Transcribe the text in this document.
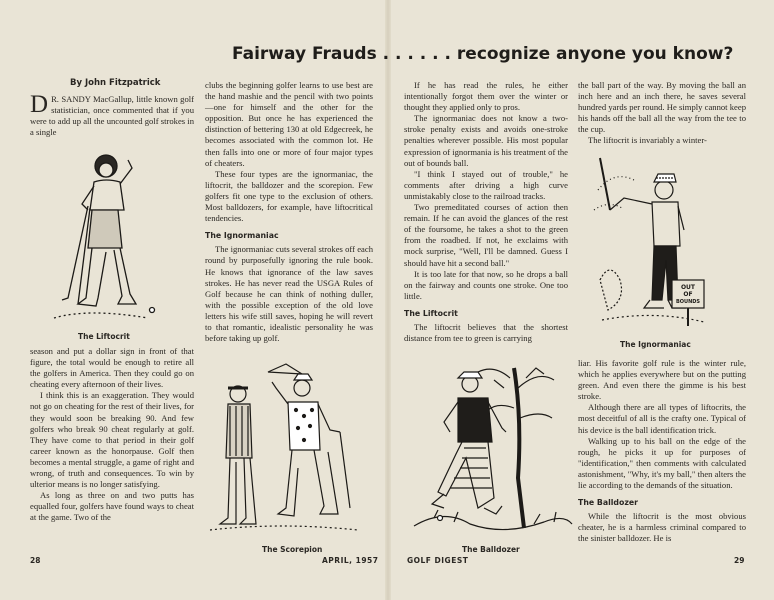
Fairway Frauds . . . . . . recognize anyone you know?
By John Fitzpatrick

D R. SANDY MacGallup, little known golf statistician, once commented that if you were to add up all the uncounted golf strokes in a single

The Liftocrit

season and put a dollar sign in front of that figure, the total would be enough to retire all the golfers in America. Then they could go on cheating every afternoon of their lives.

I think this is an exaggeration. They would not go on cheating for the rest of their lives, for they would soon be breaking 90. And few golfers who break 90 cheat regularly at golf. They have come to that period in their golf career known as the honorpause. Golf then becomes a mental struggle, a game of right and wrong, of truth and consequences. To win by ulterior means is no longer satisfying.

As long as three on and two putts has equalled four, golfers have found ways to cheat at the game. Two of the

clubs the beginning golfer learns to use best are the hand mashie and the pencil with two points—one for himself and the other for the opposition. But once he has experienced the distinction of bettering 130 at old Edgecreek, he becomes associated with the common lot. He then falls into one or more of four major types of cheaters.

These four types are the ignormaniac, the liftocrit, the balldozer and the scorepion. Few golfers fit one type to the exclusion of others. Most balldozers, for example, have liftocritical tendencies.

The Ignormaniac

The ignormaniac cuts several strokes off each round by purposefully ignoring the rule book. He knows that ignorance of the law saves strokes. He has never read the USGA Rules of Golf because he can think of nothing duller, with the possible exception of the old love letters his wife still saves, hoping he will revert to that romantic, idealistic personality he was before taking up golf.

The Scorepion
28	APRIL, 1957

If he has read the rules, he either intentionally forgot them over the winter or thought they applied only to pros.

The ignormaniac does not know a two-stroke penalty exists and avoids one-stroke penalties wherever possible. His most popular expression of ignormania is his treatment of the out of bounds ball.

"I think I stayed out of trouble," he comments after driving a high curve unmistakably close to the railroad tracks.

Two premeditated courses of action then remain. If he can avoid the glances of the rest of the foursome, he takes a shot to the green from the roadbed. If not, he exclaims with mock surprise, "Well, I'll be damned. Guess I should have hit a second ball."

It is too late for that now, so he drops a ball on the fairway and counts one stroke. One too little.

The Liftocrit

The liftocrit believes that the shortest distance from tee to green is carrying

The Balldozer
GOLF DIGEST

the ball part of the way. By moving the ball an inch here and an inch there, he saves several hundred yards per round. He simply cannot keep his hands off the ball all the way from the tee to the cup.

The liftocrit is invariably a winter-

OUT
OF
BOUNDS
The Ignormaniac

liar. His favorite golf rule is the winter rule, which he applies everywhere but on the putting green. And even there the gimme is his best stroke.

Although there are all types of liftocrits, the most deceitful of all is the crafty one. Typical of his device is the ball identification trick.

Walking up to his ball on the edge of the rough, he picks it up for purposes of "identification," then comments with calculated astonishment, "Why, it's my ball," then alters the lie according to the demands of the situation.

The Balldozer

While the liftocrit is the most obvious cheater, he is a harmless criminal compared to the sinister balldozer. He is

29
